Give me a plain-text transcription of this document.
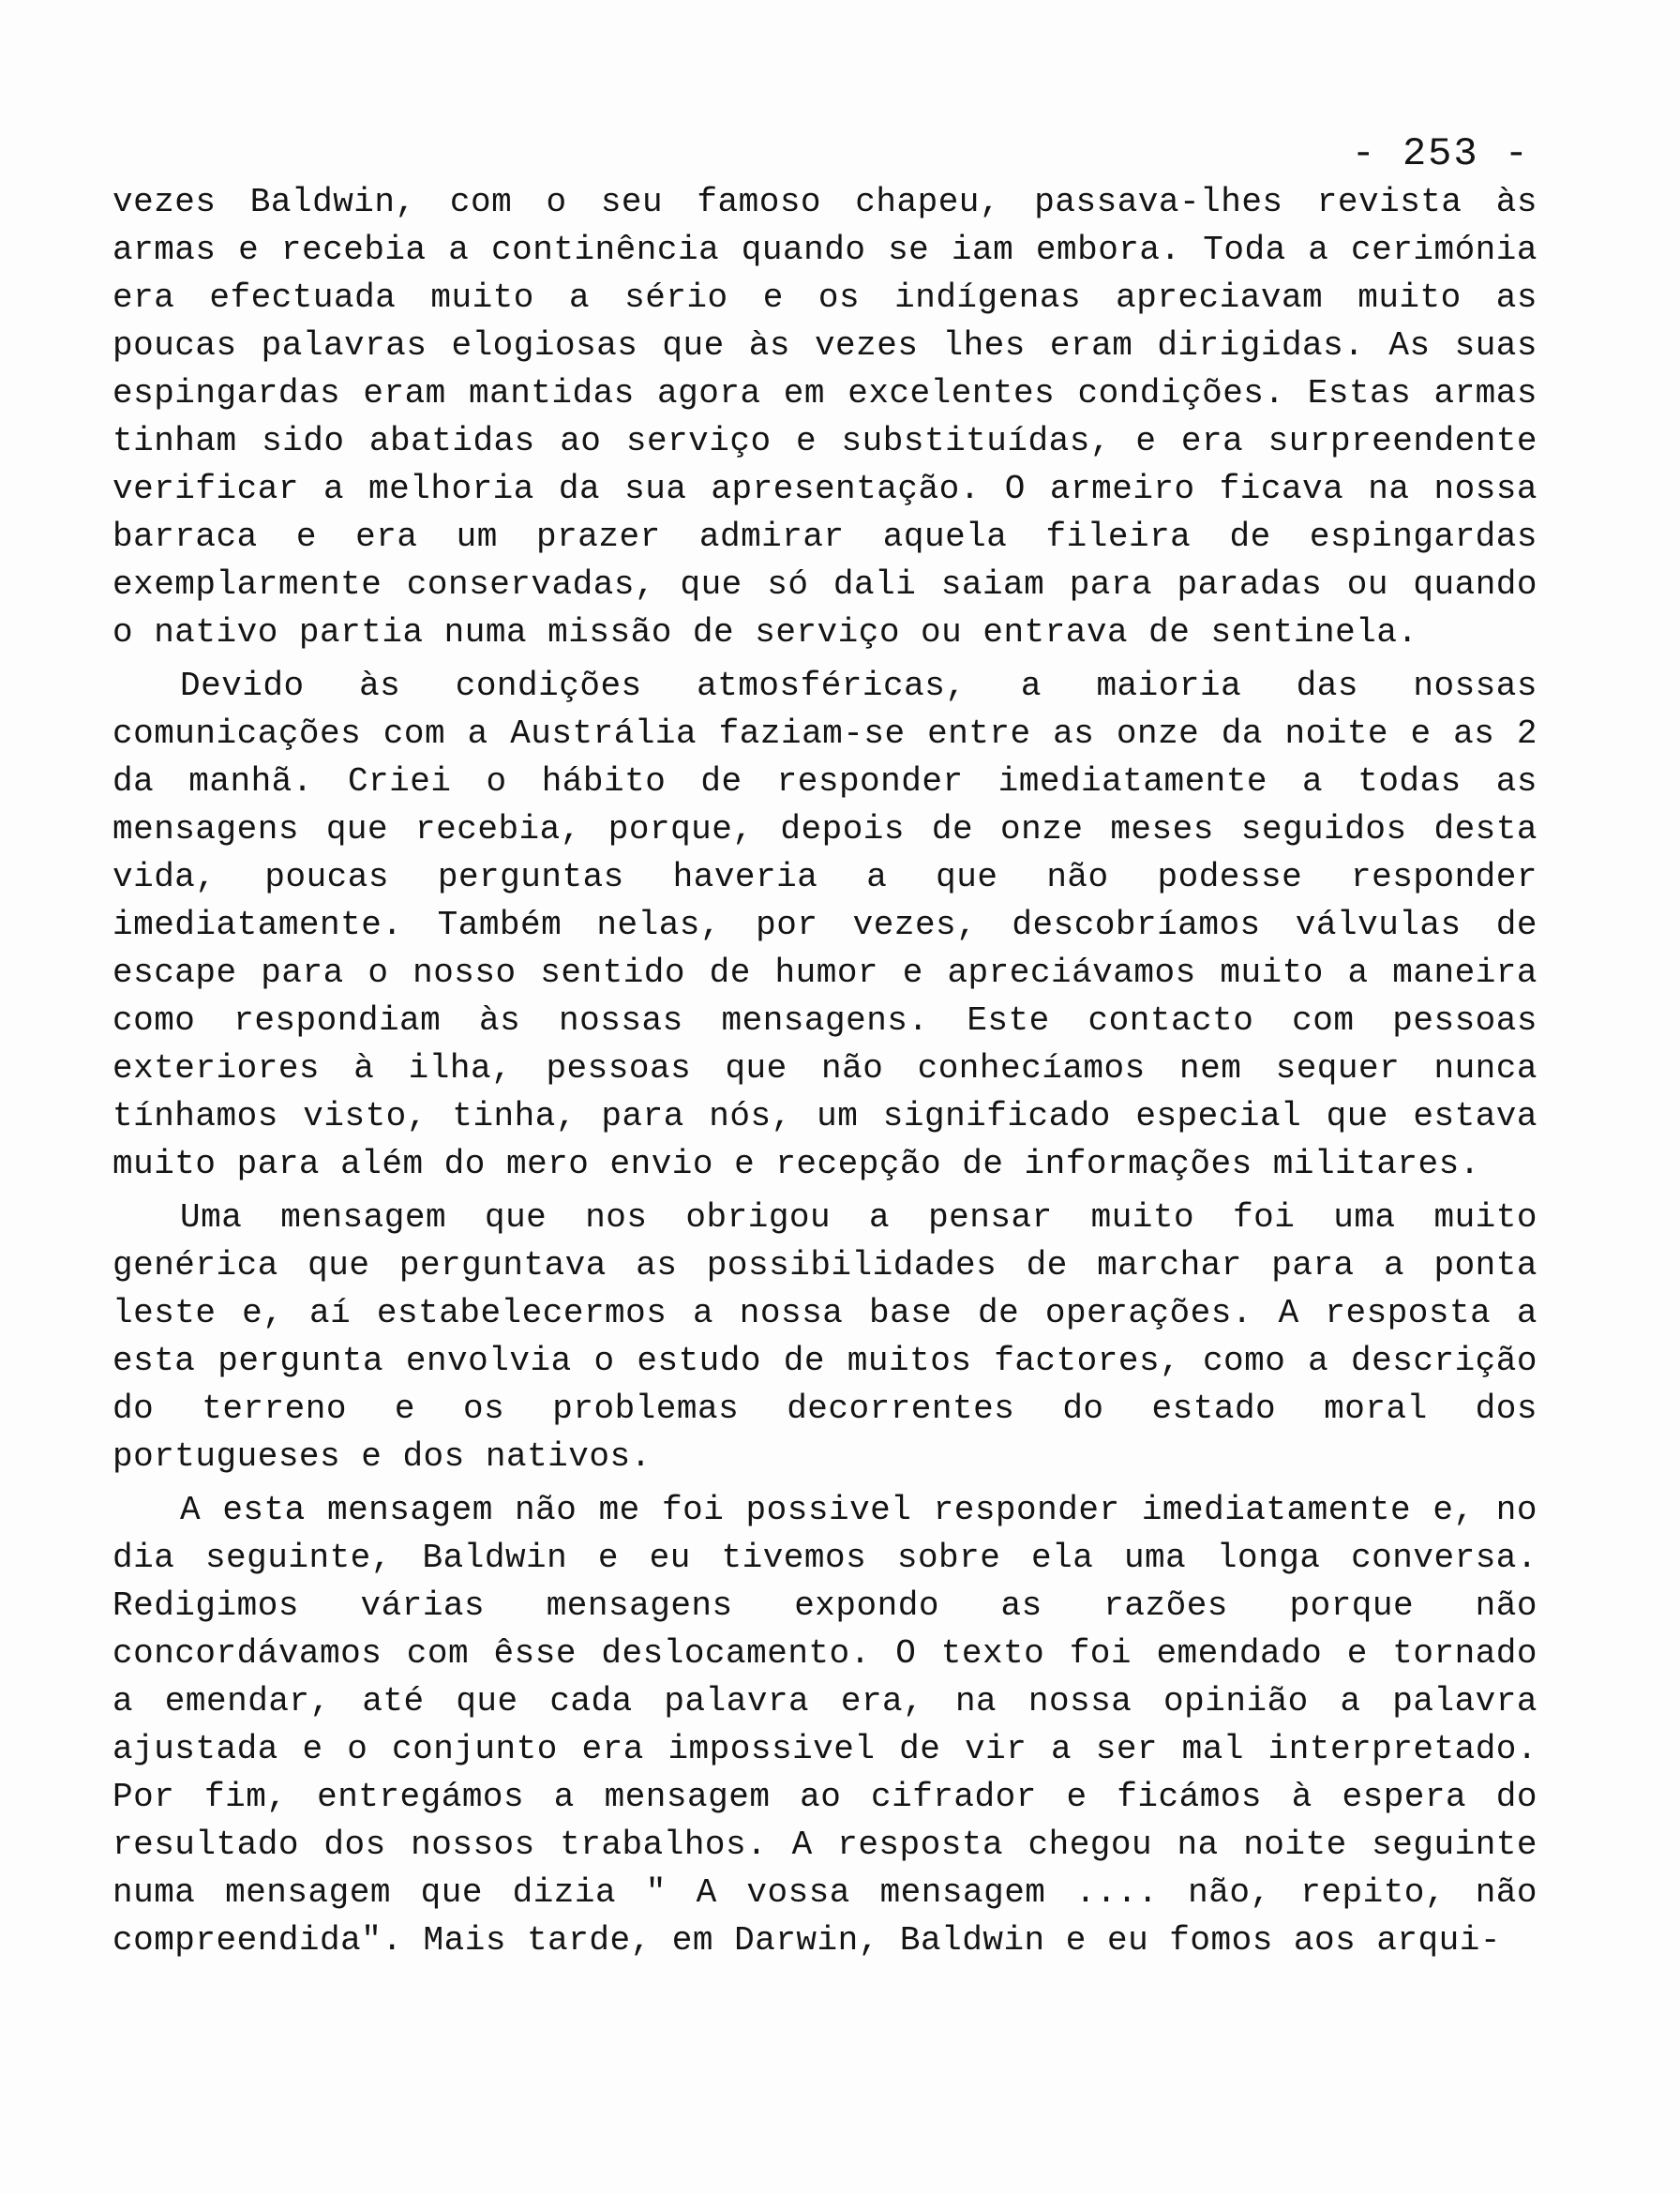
- 253 -

vezes Baldwin, com o seu famoso chapeu, passava-lhes revista às armas e recebia a continência quando se iam embora. Toda a cerimónia era efectuada muito a sério e os indígenas apreciavam muito as poucas palavras elogiosas que às vezes lhes eram dirigidas. As suas espingardas eram mantidas agora em excelentes condições. Estas armas tinham sido abatidas ao serviço e substituídas, e era surpreendente verificar a melhoria da sua apresentação. O armeiro ficava na nossa barraca e era um prazer admirar aquela fileira de espingardas exemplarmente conservadas, que só dali saiam para paradas ou quando o nativo partia numa missão de serviço ou entrava de sentinela.

Devido às condições atmosféricas, a maioria das nossas comunicações com a Austrália faziam-se entre as onze da noite e as 2 da manhã. Criei o hábito de responder imediatamente a todas as mensagens que recebia, porque, depois de onze meses seguidos desta vida, poucas perguntas haveria a que não podesse responder imediatamente. Também nelas, por vezes, descobríamos válvulas de escape para o nosso sentido de humor e apreciávamos muito a maneira como respondiam às nossas mensagens. Este contacto com pessoas exteriores à ilha, pessoas que não conhecíamos nem sequer nunca tínhamos visto, tinha, para nós, um significado especial que estava muito para além do mero envio e recepção de informações militares.

Uma mensagem que nos obrigou a pensar muito foi uma muito genérica que perguntava as possibilidades de marchar para a ponta leste e, aí estabelecermos a nossa base de operações. A resposta a esta pergunta envolvia o estudo de muitos factores, como a descrição do terreno e os problemas decorrentes do estado moral dos portugueses e dos nativos.

A esta mensagem não me foi possivel responder imediatamente e, no dia seguinte, Baldwin e eu tivemos sobre ela uma longa conversa. Redigimos várias mensagens expondo as razões porque não concordávamos com êsse deslocamento. O texto foi emendado e tornado a emendar, até que cada palavra era, na nossa opinião a palavra ajustada e o conjunto era impossivel de vir a ser mal interpretado. Por fim, entregámos a mensagem ao cifrador e ficámos à espera do resultado dos nossos trabalhos. A resposta chegou na noite seguinte numa mensagem que dizia " A vossa mensagem .... não, repito, não compreendida". Mais tarde, em Darwin, Baldwin e eu fomos aos arqui-
